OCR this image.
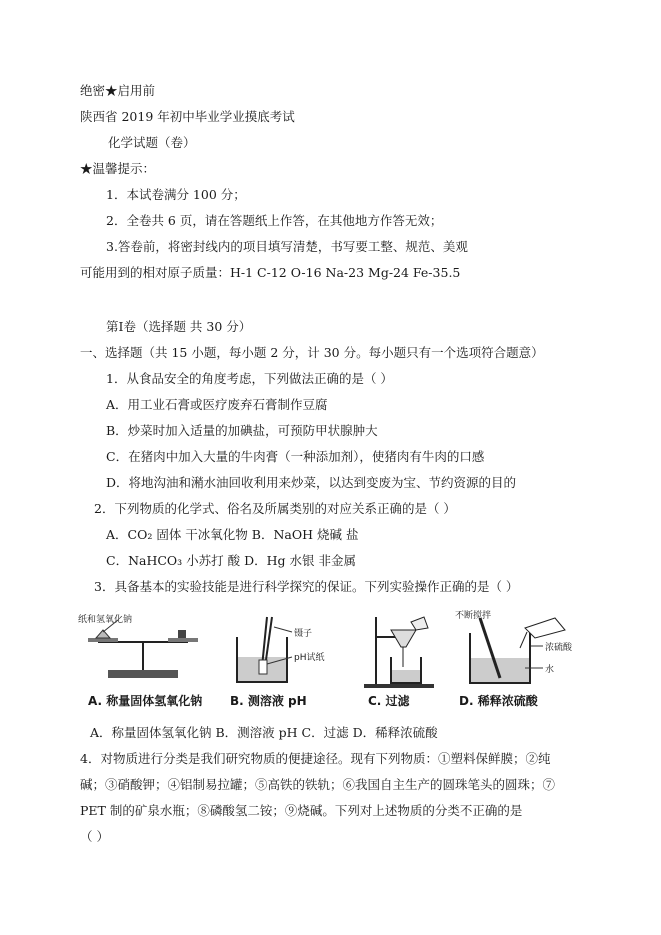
绝密★启用前
陕西省 2019 年初中毕业学业摸底考试
化学试题（卷）
★温馨提示：
1．本试卷满分 100 分；
2．全卷共 6 页，请在答题纸上作答，在其他地方作答无效；
3.答卷前，将密封线内的项目填写清楚，书写要工整、规范、美观
可能用到的相对原子质量：H-1 C-12 O-16 Na-23 Mg-24 Fe-35.5
第Ⅰ卷（选择题 共 30 分）
一、选择题（共 15 小题，每小题 2 分，计 30 分。每小题只有一个选项符合题意）
1．从食品安全的角度考虑，下列做法正确的是（ ）
A．用工业石膏或医疗废弃石膏制作豆腐
B．炒菜时加入适量的加碘盐，可预防甲状腺肿大
C．在猪肉中加入大量的牛肉膏（一种添加剂），使猪肉有牛肉的口感
D．将地沟油和潲水油回收利用来炒菜，以达到变废为宝、节约资源的目的
2．下列物质的化学式、俗名及所属类别的对应关系正确的是（ ）
A．CO₂ 固体 干冰氧化物 B．NaOH 烧碱 盐
C．NaHCO₃ 小苏打 酸 D．Hg 水银 非金属
3．具备基本的实验技能是进行科学探究的保证。下列实验操作正确的是（ ）
纸和氢氧化钠
A. 称量固体氢氧化钠
镊子
pH试纸
B. 测溶液 pH	C. 过滤
不断搅拌
浓硫酸
水
D. 稀释浓硫酸
A．称量固体氢氧化钠 B．测溶液 pH C．过滤 D．稀释浓硫酸
4．对物质进行分类是我们研究物质的便捷途径。现有下列物质：①塑料保鲜膜；②纯
碱；③硝酸钾；④铝制易拉罐；⑤高铁的铁轨；⑥我国自主生产的圆珠笔头的圆珠；⑦
PET 制的矿泉水瓶；⑧磷酸氢二铵；⑨烧碱。下列对上述物质的分类不正确的是
（ ）
